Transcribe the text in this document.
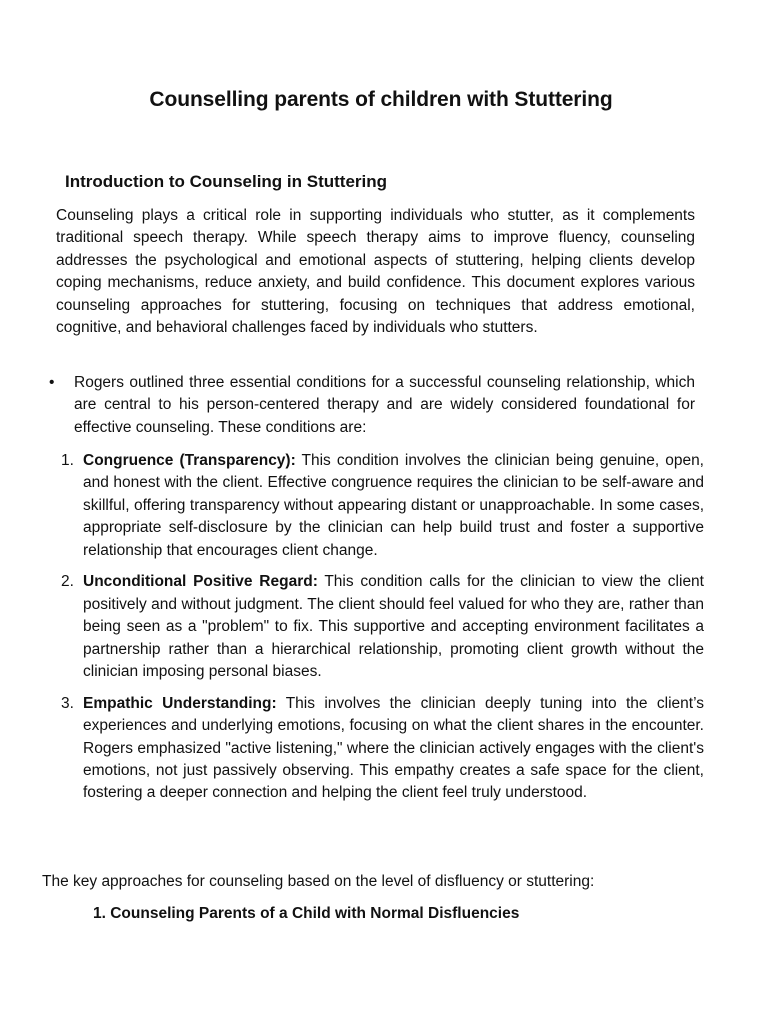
Counselling parents of children with Stuttering
Introduction to Counseling in Stuttering

Counseling plays a critical role in supporting individuals who stutter, as it complements traditional speech therapy. While speech therapy aims to improve fluency, counseling addresses the psychological and emotional aspects of stuttering, helping clients develop coping mechanisms, reduce anxiety, and build confidence. This document explores various counseling approaches for stuttering, focusing on techniques that address emotional, cognitive, and behavioral challenges faced by individuals who stutters.

• Rogers outlined three essential conditions for a successful counseling relationship, which are central to his person-centered therapy and are widely considered foundational for effective counseling. These conditions are:
1. Congruence (Transparency): This condition involves the clinician being genuine, open, and honest with the client. Effective congruence requires the clinician to be self-aware and skillful, offering transparency without appearing distant or unapproachable. In some cases, appropriate self-disclosure by the clinician can help build trust and foster a supportive relationship that encourages client change.
2. Unconditional Positive Regard: This condition calls for the clinician to view the client positively and without judgment. The client should feel valued for who they are, rather than being seen as a "problem" to fix. This supportive and accepting environment facilitates a partnership rather than a hierarchical relationship, promoting client growth without the clinician imposing personal biases.
3. Empathic Understanding: This involves the clinician deeply tuning into the client’s experiences and underlying emotions, focusing on what the client shares in the encounter. Rogers emphasized "active listening," where the clinician actively engages with the client's emotions, not just passively observing. This empathy creates a safe space for the client, fostering a deeper connection and helping the client feel truly understood.

The key approaches for counseling based on the level of disfluency or stuttering:

1. Counseling Parents of a Child with Normal Disfluencies
